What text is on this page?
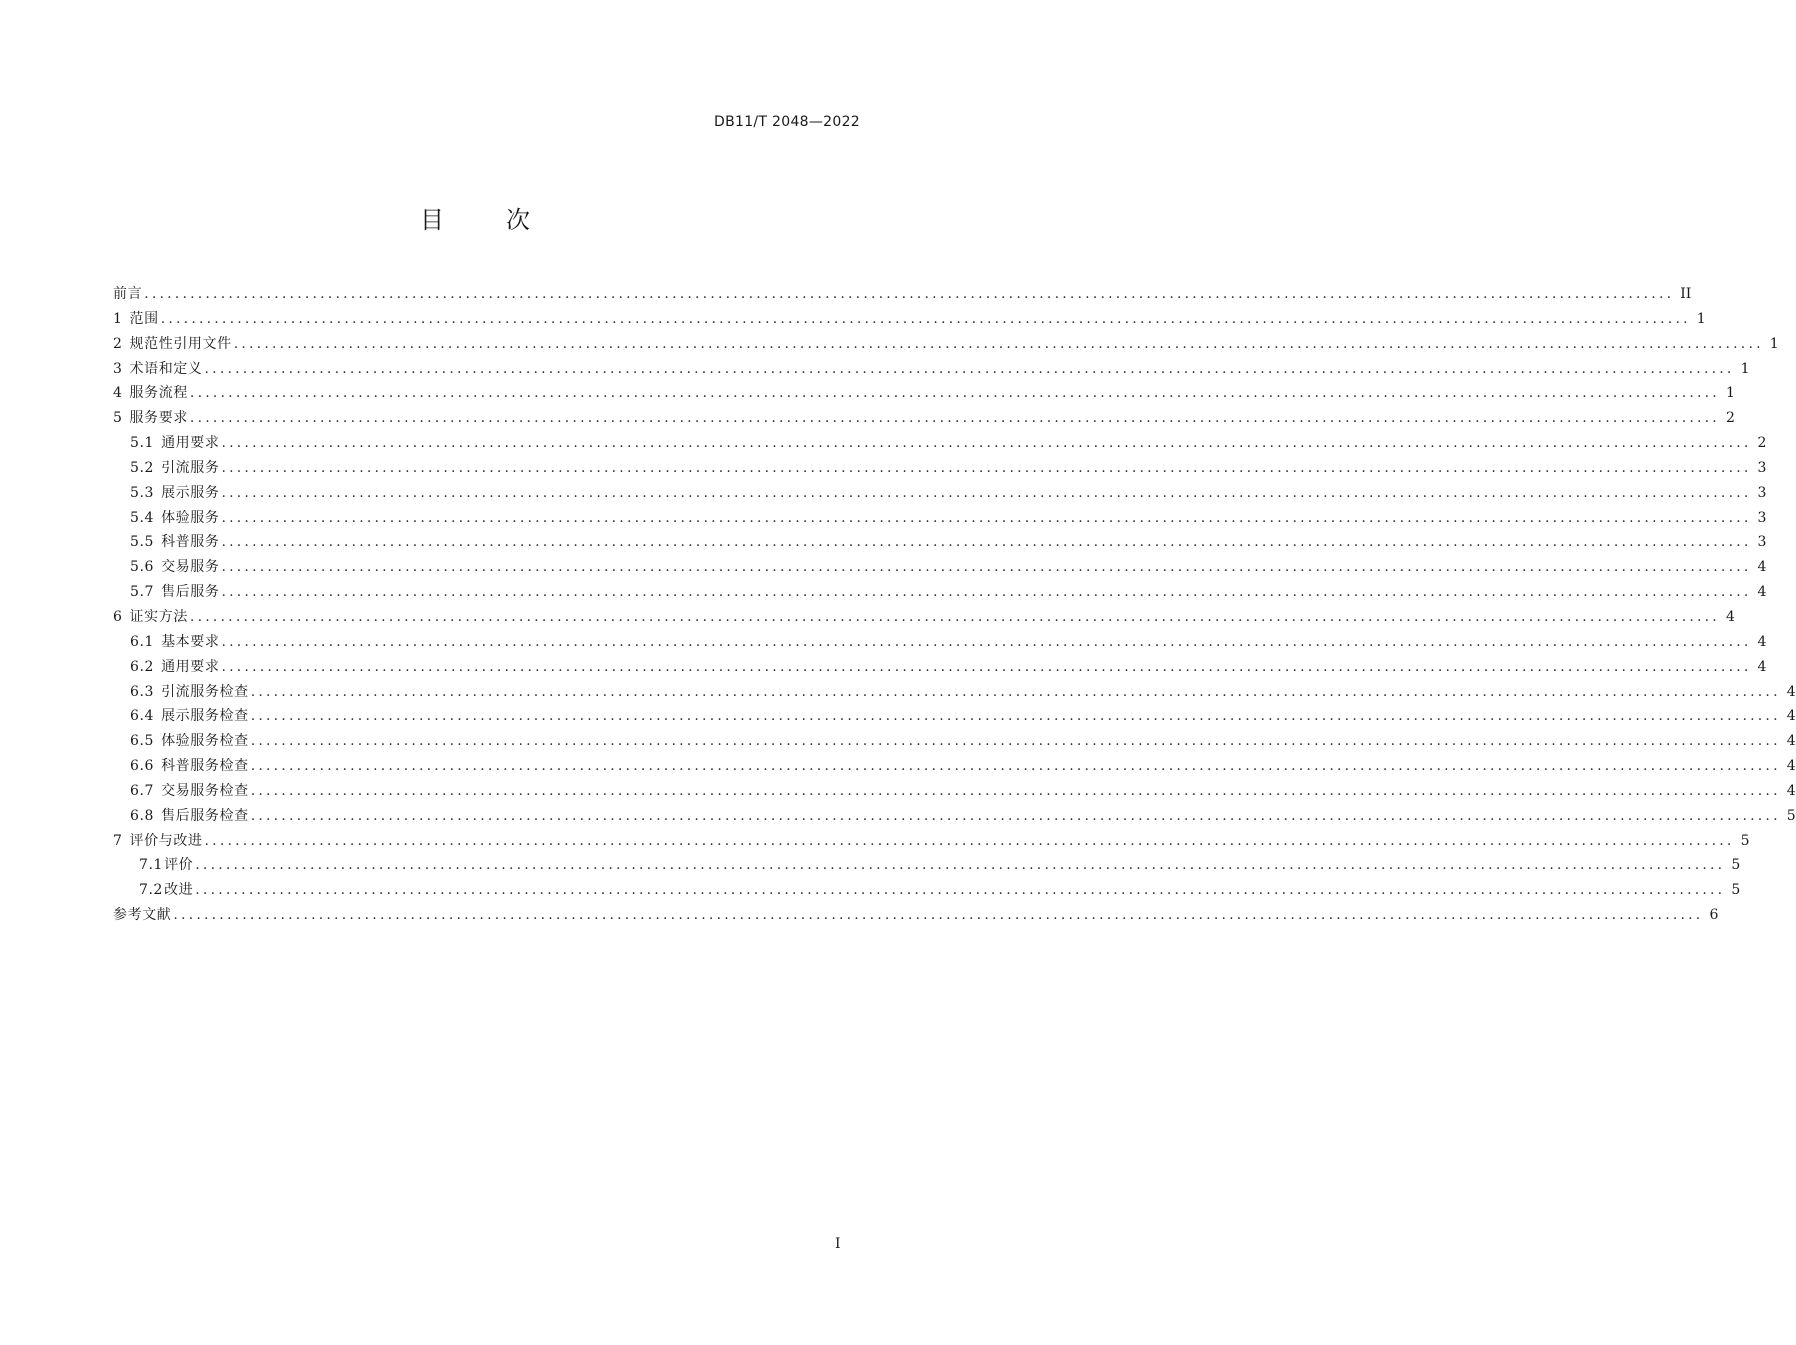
DB11/T 2048—2022
目次
前言 ........................................................................................................................................................................................................ II
1 范围 ........................................................................................................................................................................................................ 1
2 规范性引用文件 ........................................................................................................................................................................................................ 1
3 术语和定义 ........................................................................................................................................................................................................ 1
4 服务流程 ........................................................................................................................................................................................................ 1
5 服务要求 ........................................................................................................................................................................................................ 2
5.1 通用要求 ........................................................................................................................................................................................................ 2
5.2 引流服务 ........................................................................................................................................................................................................ 3
5.3 展示服务 ........................................................................................................................................................................................................ 3
5.4 体验服务 ........................................................................................................................................................................................................ 3
5.5 科普服务 ........................................................................................................................................................................................................ 3
5.6 交易服务 ........................................................................................................................................................................................................ 4
5.7 售后服务 ........................................................................................................................................................................................................ 4
6 证实方法 ........................................................................................................................................................................................................ 4
6.1 基本要求 ........................................................................................................................................................................................................ 4
6.2 通用要求 ........................................................................................................................................................................................................ 4
6.3 引流服务检查 ........................................................................................................................................................................................................ 4
6.4 展示服务检查 ........................................................................................................................................................................................................ 4
6.5 体验服务检查 ........................................................................................................................................................................................................ 4
6.6 科普服务检查 ........................................................................................................................................................................................................ 4
6.7 交易服务检查 ........................................................................................................................................................................................................ 4
6.8 售后服务检查 ........................................................................................................................................................................................................ 5
7 评价与改进 ........................................................................................................................................................................................................ 5
7.1评价 ........................................................................................................................................................................................................ 5
7.2改进 ........................................................................................................................................................................................................ 5
参考文献 ........................................................................................................................................................................................................ 6
I
